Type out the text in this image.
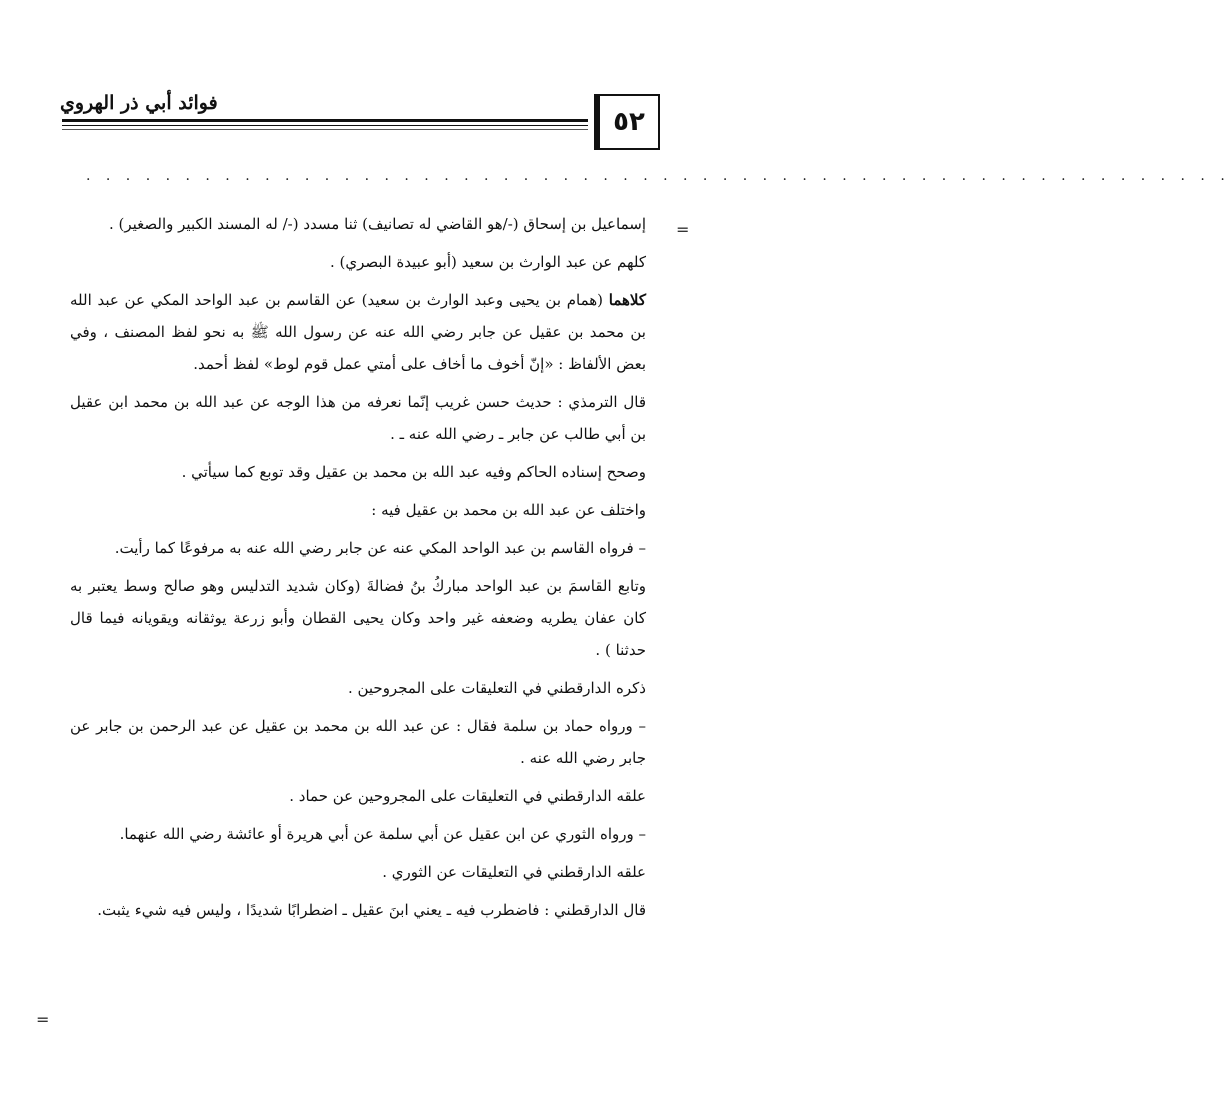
٥٢
فوائد أبي ذر الهروي
. . . . . . . . . . . . . . . . . . . . . . . . . . . . . . . . . . . . . . . . . . . . . . . . . . . . . . . . . .
=
=

إسماعيل بن إسحاق (-/هو القاضي له تصانيف) ثنا مسدد (-/ له المسند الكبير والصغير) .

كلهم عن عبد الوارث بن سعيد (أبو عبيدة البصري) .

كلاهما (همام بن يحيى وعبد الوارث بن سعيد) عن القاسم بن عبد الواحد المكي عن عبد الله بن محمد بن عقيل عن جابر رضي الله عنه عن رسول الله ﷺ به نحو لفظ المصنف ، وفي بعض الألفاظ : «إنّ أخوف ما أخاف على أمتي عمل قوم لوط» لفظ أحمد.

قال الترمذي : حديث حسن غريب إنّما نعرفه من هذا الوجه عن عبد الله بن محمد ابن عقيل بن أبي طالب عن جابر ـ رضي الله عنه ـ .

وصحح إسناده الحاكم وفيه عبد الله بن محمد بن عقيل وقد توبع كما سيأتي .

واختلف عن عبد الله بن محمد بن عقيل فيه :

– فرواه القاسم بن عبد الواحد المكي عنه عن جابر رضي الله عنه به مرفوعًا كما رأيت.

وتابع القاسمَ بن عبد الواحد مباركُ بنُ فضالةَ (وكان شديد التدليس وهو صالح وسط يعتبر به كان عفان يطريه وضعفه غير واحد وكان يحيى القطان وأبو زرعة يوثقانه ويقويانه فيما قال حدثنا ) .

ذكره الدارقطني في التعليقات على المجروحين .

– ورواه حماد بن سلمة فقال : عن عبد الله بن محمد بن عقيل عن عبد الرحمن بن جابر عن جابر رضي الله عنه .

علقه الدارقطني في التعليقات على المجروحين عن حماد .

– ورواه الثوري عن ابن عقيل عن أبي سلمة عن أبي هريرة أو عائشة رضي الله عنهما.

علقه الدارقطني في التعليقات عن الثوري .

قال الدارقطني : فاضطرب فيه ـ يعني ابنَ عقيل ـ اضطرابًا شديدًا ، وليس فيه شيء يثبت.
